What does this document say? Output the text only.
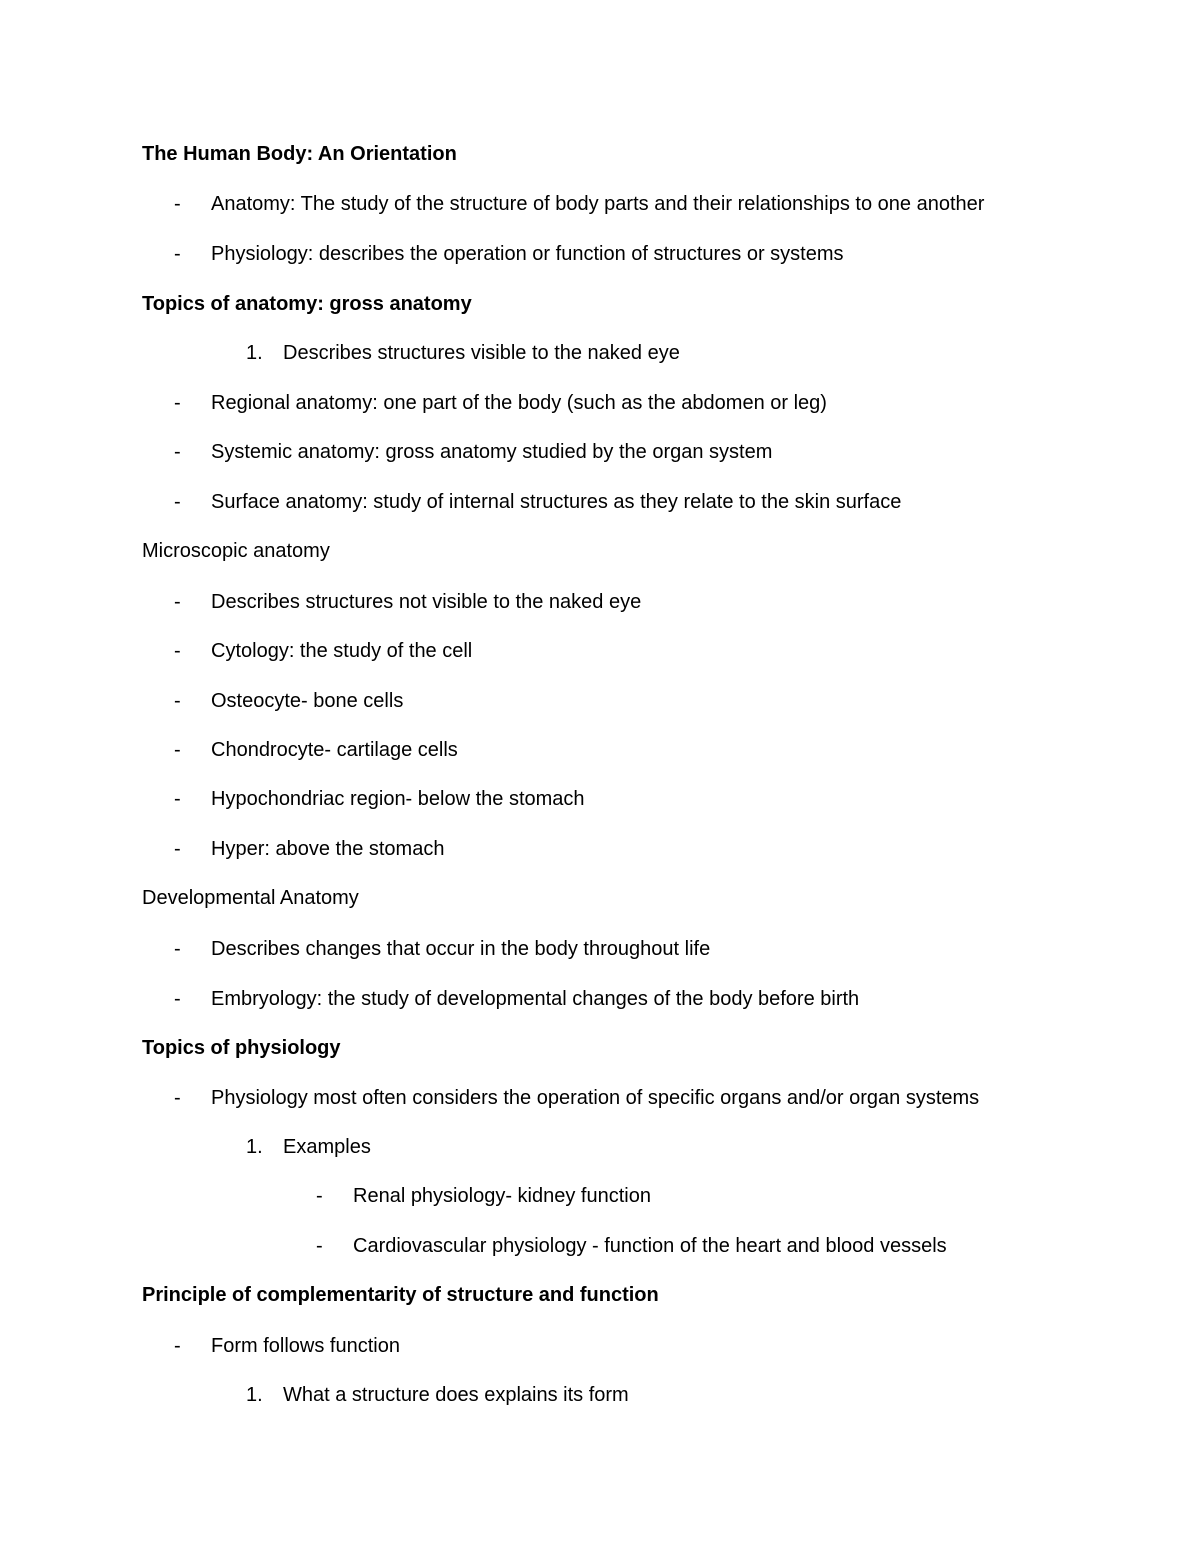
The Human Body: An Orientation
- Anatomy: The study of the structure of body parts and their relationships to one another
- Physiology: describes the operation or function of structures or systems
Topics of anatomy: gross anatomy
1. Describes structures visible to the naked eye
- Regional anatomy: one part of the body (such as the abdomen or leg)
- Systemic anatomy: gross anatomy studied by the organ system
- Surface anatomy: study of internal structures as they relate to the skin surface
Microscopic anatomy
- Describes structures not visible to the naked eye
- Cytology: the study of the cell
- Osteocyte- bone cells
- Chondrocyte- cartilage cells
- Hypochondriac region- below the stomach
- Hyper: above the stomach
Developmental Anatomy
- Describes changes that occur in the body throughout life
- Embryology: the study of developmental changes of the body before birth
Topics of physiology
- Physiology most often considers the operation of specific organs and/or organ systems
1. Examples
- Renal physiology- kidney function
- Cardiovascular physiology - function of the heart and blood vessels
Principle of complementarity of structure and function
- Form follows function
1. What a structure does explains its form
